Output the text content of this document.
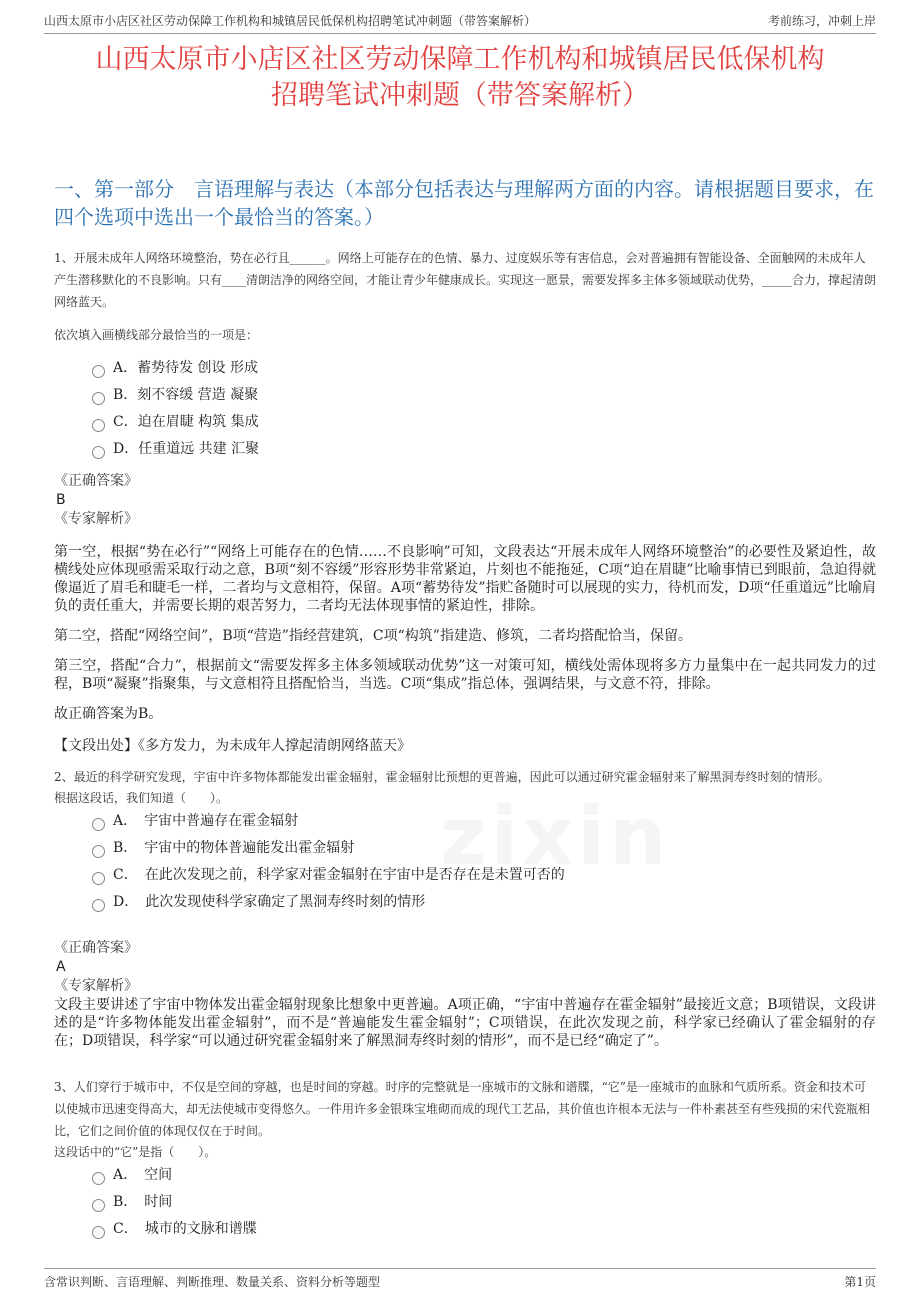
山西太原市小店区社区劳动保障工作机构和城镇居民低保机构招聘笔试冲刺题（带答案解析）	考前练习，冲刺上岸
山西太原市小店区社区劳动保障工作机构和城镇居民低保机构
招聘笔试冲刺题（带答案解析）
一、第一部分　言语理解与表达（本部分包括表达与理解两方面的内容。请根据题目要求，在四个选项中选出一个最恰当的答案。）

1、开展未成年人网络环境整治，势在必行且______。网络上可能存在的色情、暴力、过度娱乐等有害信息，会对普遍拥有智能设备、全面触网的未成年人产生潜移默化的不良影响。只有____清朗洁净的网络空间，才能让青少年健康成长。实现这一愿景，需要发挥多主体多领域联动优势，_____合力，撑起清朗网络蓝天。

依次填入画横线部分最恰当的一项是：

A．蓄势待发 创设 形成
B．刻不容缓 营造 凝聚
C．迫在眉睫 构筑 集成
D．任重道远 共建 汇聚
《正确答案》
B
《专家解析》

第一空，根据“势在必行”“网络上可能存在的色情……不良影响”可知，文段表达“开展未成年人网络环境整治”的必要性及紧迫性，故横线处应体现亟需采取行动之意，B项“刻不容缓”形容形势非常紧迫，片刻也不能拖延，C项“迫在眉睫”比喻事情已到眼前，急迫得就像逼近了眉毛和睫毛一样，二者均与文意相符，保留。A项“蓄势待发”指贮备随时可以展现的实力，待机而发，D项“任重道远”比喻肩负的责任重大，并需要长期的艰苦努力，二者均无法体现事情的紧迫性，排除。

第二空，搭配“网络空间”，B项“营造”指经营建筑，C项“构筑”指建造、修筑，二者均搭配恰当，保留。

第三空，搭配“合力”，根据前文“需要发挥多主体多领域联动优势”这一对策可知，横线处需体现将多方力量集中在一起共同发力的过程，B项“凝聚”指聚集，与文意相符且搭配恰当，当选。C项“集成”指总体，强调结果，与文意不符，排除。

故正确答案为B。

【文段出处】《多方发力，为未成年人撑起清朗网络蓝天》

2、最近的科学研究发现，宇宙中许多物体都能发出霍金辐射，霍金辐射比预想的更普遍，因此可以通过研究霍金辐射来了解黑洞寿终时刻的情形。

根据这段话，我们知道（　　）。

A．　宇宙中普遍存在霍金辐射
B．　宇宙中的物体普遍能发出霍金辐射
C．　在此次发现之前，科学家对霍金辐射在宇宙中是否存在是未置可否的
D．　此次发现使科学家确定了黑洞寿终时刻的情形
《正确答案》
A
《专家解析》

文段主要讲述了宇宙中物体发出霍金辐射现象比想象中更普遍。A项正确，“宇宙中普遍存在霍金辐射”最接近文意；B项错误，文段讲述的是“许多物体能发出霍金辐射”，而不是“普遍能发生霍金辐射”；C项错误，在此次发现之前，科学家已经确认了霍金辐射的存在；D项错误，科学家“可以通过研究霍金辐射来了解黑洞寿终时刻的情形”，而不是已经“确定了”。

3、人们穿行于城市中，不仅是空间的穿越，也是时间的穿越。时序的完整就是一座城市的文脉和谱牒，“它”是一座城市的血脉和气质所系。资金和技术可以使城市迅速变得高大，却无法使城市变得悠久。一件用许多金银珠宝堆砌而成的现代工艺品，其价值也许根本无法与一件朴素甚至有些残损的宋代瓷瓶相比，它们之间价值的体现仅仅在于时间。

这段话中的“它”是指（　　）。

A．　空间
B．　时间
C．　城市的文脉和谱牒
zixin
含常识判断、言语理解、判断推理、数量关系、资料分析等题型	第1页
